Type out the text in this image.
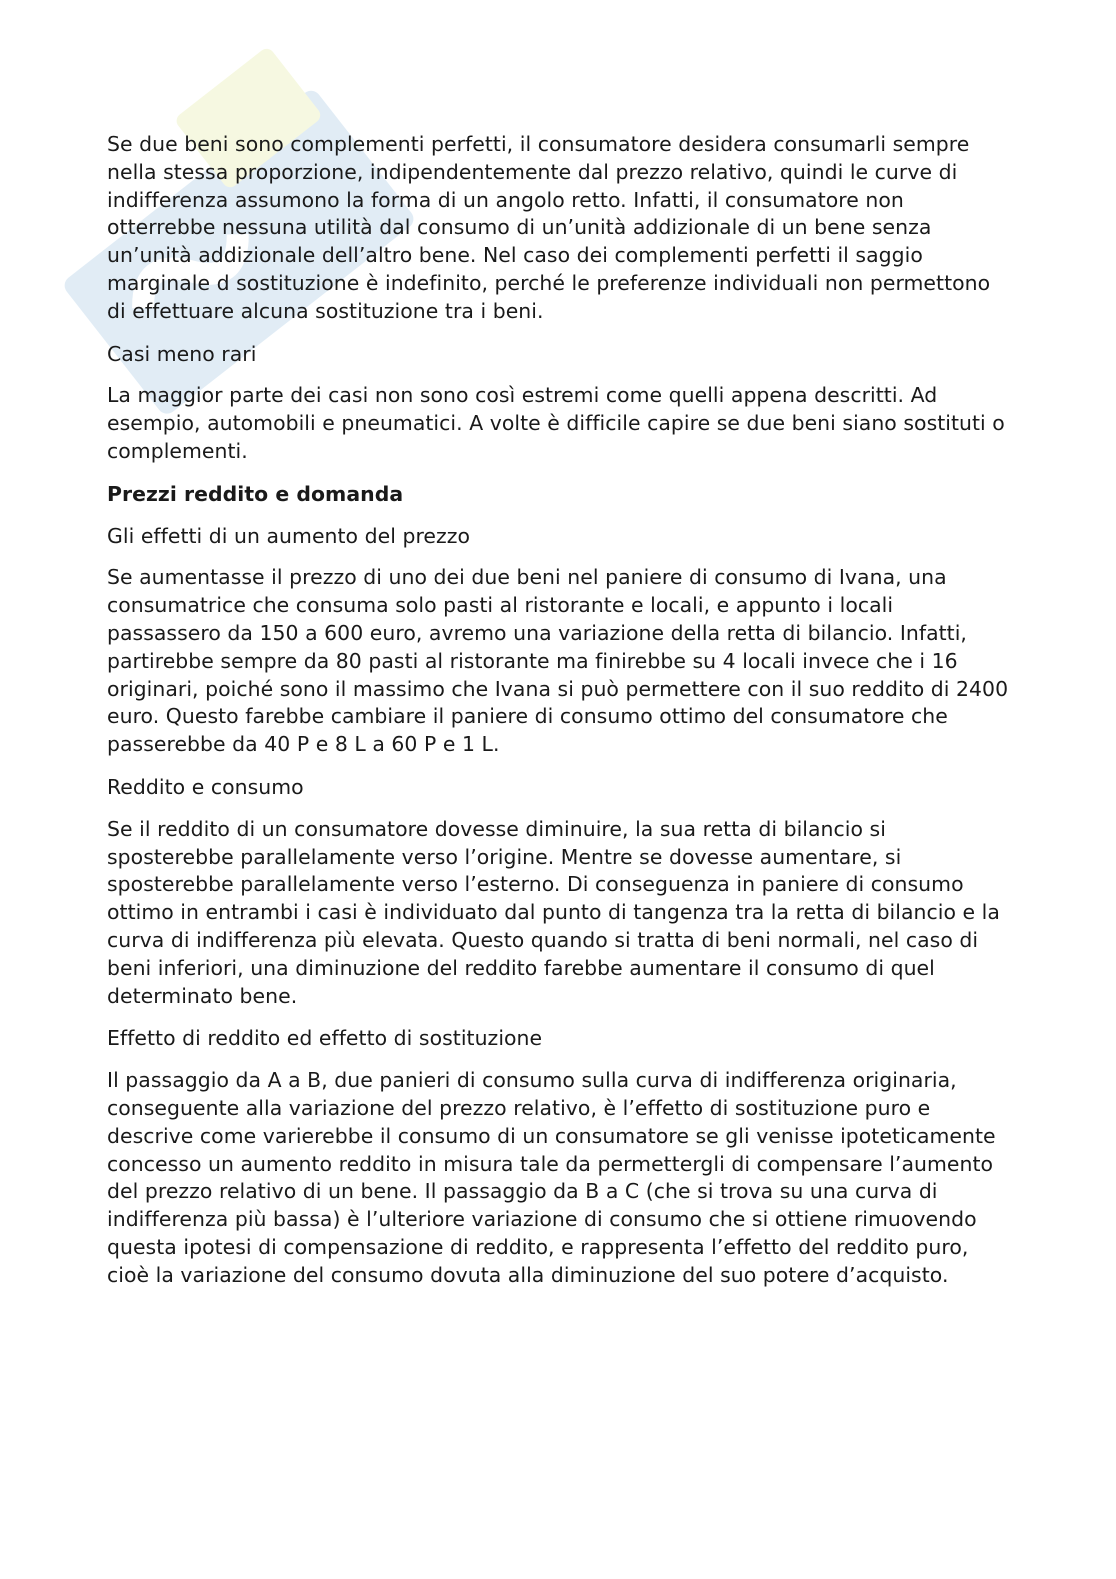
Se due beni sono complementi perfetti, il consumatore desidera consumarli sempre nella stessa proporzione, indipendentemente dal prezzo relativo, quindi le curve di indifferenza assumono la forma di un angolo retto. Infatti, il consumatore non otterrebbe nessuna utilità dal consumo di un’unità addizionale di un bene senza un’unità addizionale dell’altro bene. Nel caso dei complementi perfetti il saggio marginale d sostituzione è indefinito, perché le preferenze individuali non permettono di effettuare alcuna sostituzione tra i beni.

Casi meno rari

La maggior parte dei casi non sono così estremi come quelli appena descritti. Ad esempio, automobili e pneumatici. A volte è difficile capire se due beni siano sostituti o complementi.

Prezzi reddito e domanda

Gli effetti di un aumento del prezzo

Se aumentasse il prezzo di uno dei due beni nel paniere di consumo di Ivana, una consumatrice che consuma solo pasti al ristorante e locali, e appunto i locali passassero da 150 a 600 euro, avremo una variazione della retta di bilancio. Infatti, partirebbe sempre da 80 pasti al ristorante ma finirebbe su 4 locali invece che i 16 originari, poiché sono il massimo che Ivana si può permettere con il suo reddito di 2400 euro. Questo farebbe cambiare il paniere di consumo ottimo del consumatore che passerebbe da 40 P e 8 L a 60 P e 1 L.

Reddito e consumo

Se il reddito di un consumatore dovesse diminuire, la sua retta di bilancio si sposterebbe parallelamente verso l’origine. Mentre se dovesse aumentare, si sposterebbe parallelamente verso l’esterno. Di conseguenza in paniere di consumo ottimo in entrambi i casi è individuato dal punto di tangenza tra la retta di bilancio e la curva di indifferenza più elevata. Questo quando si tratta di beni normali, nel caso di beni inferiori, una diminuzione del reddito farebbe aumentare il consumo di quel determinato bene.

Effetto di reddito ed effetto di sostituzione

Il passaggio da A a B, due panieri di consumo sulla curva di indifferenza originaria, conseguente alla variazione del prezzo relativo, è l’effetto di sostituzione puro e descrive come varierebbe il consumo di un consumatore se gli venisse ipoteticamente concesso un aumento reddito in misura tale da permettergli di compensare l’aumento del prezzo relativo di un bene. Il passaggio da B a C (che si trova su una curva di indifferenza più bassa) è l’ulteriore variazione di consumo che si ottiene rimuovendo questa ipotesi di compensazione di reddito, e rappresenta l’effetto del reddito puro, cioè la variazione del consumo dovuta alla diminuzione del suo potere d’acquisto.
